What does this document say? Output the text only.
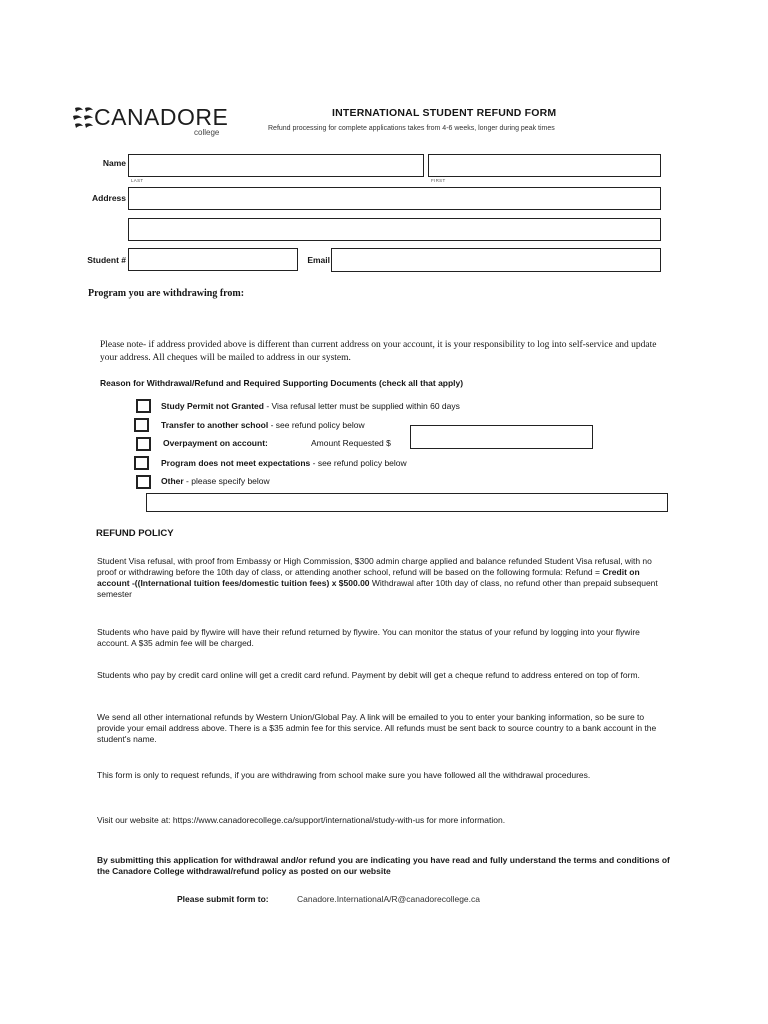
CANADORE
college
INTERNATIONAL STUDENT REFUND FORM
Refund processing for complete applications takes from 4-6 weeks, longer during peak times
Name
LAST	FIRST
Address
Student #	Email
Program you are withdrawing from:
Please note- if address provided above is different than current address on your account, it is your responsibility to log into self-service and update your address. All cheques will be mailed to address in our system.
Reason for Withdrawal/Refund and Required Supporting Documents (check all that apply)
Study Permit not Granted - Visa refusal letter must be supplied within 60 days
Transfer to another school - see refund policy below
Overpayment on account:	Amount Requested $
Program does not meet expectations - see refund policy below
Other - please specify below
REFUND POLICY
Student Visa refusal, with proof from Embassy or High Commission, $300 admin charge applied and balance refunded Student Visa refusal, with no proof or withdrawing before the 10th day of class, or attending another school, refund will be based on the following formula: Refund = Credit on account -((International tuition fees/domestic tuition fees) x $500.00 Withdrawal after 10th day of class, no refund other than prepaid subsequent semester
Students who have paid by flywire will have their refund returned by flywire. You can monitor the status of your refund by logging into your flywire account. A $35 admin fee will be charged.
Students who pay by credit card online will get a credit card refund. Payment by debit will get a cheque refund to address entered on top of form.
We send all other international refunds by Western Union/Global Pay. A link will be emailed to you to enter your banking information, so be sure to provide your email address above. There is a $35 admin fee for this service. All refunds must be sent back to source country to a bank account in the student's name.
This form is only to request refunds, if you are withdrawing from school make sure you have followed all the withdrawal procedures.
Visit our website at: https://www.canadorecollege.ca/support/international/study-with-us for more information.
By submitting this application for withdrawal and/or refund you are indicating you have read and fully understand the terms and conditions of the Canadore College withdrawal/refund policy as posted on our website
Please submit form to:	Canadore.InternationalA/R@canadorecollege.ca
